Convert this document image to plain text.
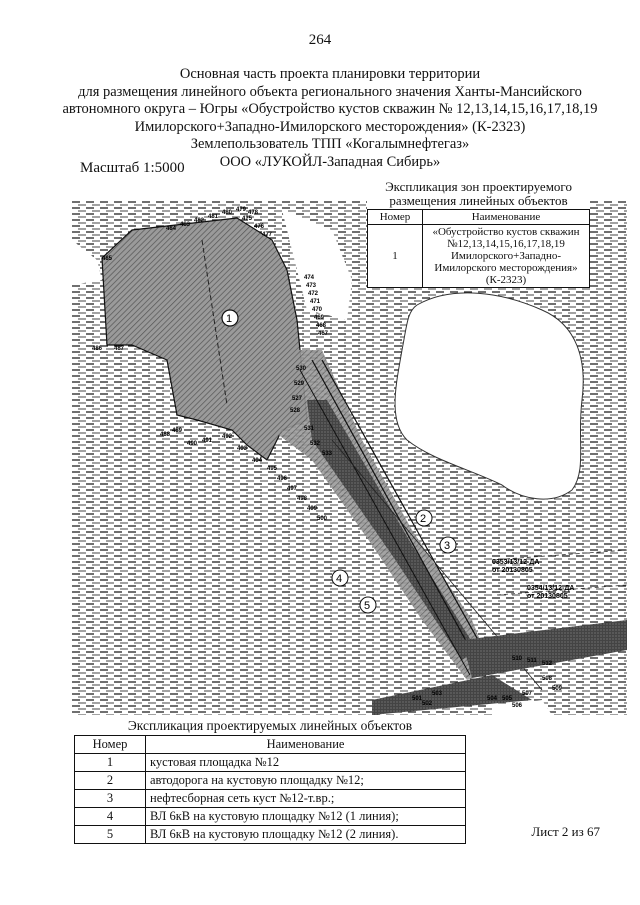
264
Основная часть проекта планировки территории
для размещения линейного объекта регионального значения Ханты-Мансийского
автономного округа – Югры «Обустройство кустов скважин № 12,13,14,15,16,17,18,19
Имилорского+Западно-Имилорского месторождения» (К-2323)
Землепользователь ТПП «Когалымнефтегаз»
ООО «ЛУКОЙЛ-Западная Сибирь»
Масштаб 1:5000
1
2
3
4
5
0353/13/12-ДА
от 20130805
0354/13/12-ДА
от 20130805
474
473
472
471
470
469
468
467
475
476
477
478
479
480
481
482
483
484
485
486 487
488
489
490 491
492
493
494
495
496
497
498
499
500
501
502
503
504 505
506
507
508
509
510 511 512
527
528
529
530
531
532
533
Экспликация зон проектируемого размещения линейных объектов
Номер	Наименование
1	«Обустройство кустов скважин №12,13,14,15,16,17,18,19 Имилорского+Западно-Имилорского месторождения» (К-2323)
Экспликация проектируемых линейных объектов
Номер	Наименование
1	кустовая площадка №12
2	автодорога на кустовую площадку №12;
3	нефтесборная сеть куст №12-т.вр.;
4	ВЛ 6кВ на кустовую площадку №12 (1 линия);
5	ВЛ 6кВ на кустовую площадку №12 (2 линия).	Лист 2 из 67
